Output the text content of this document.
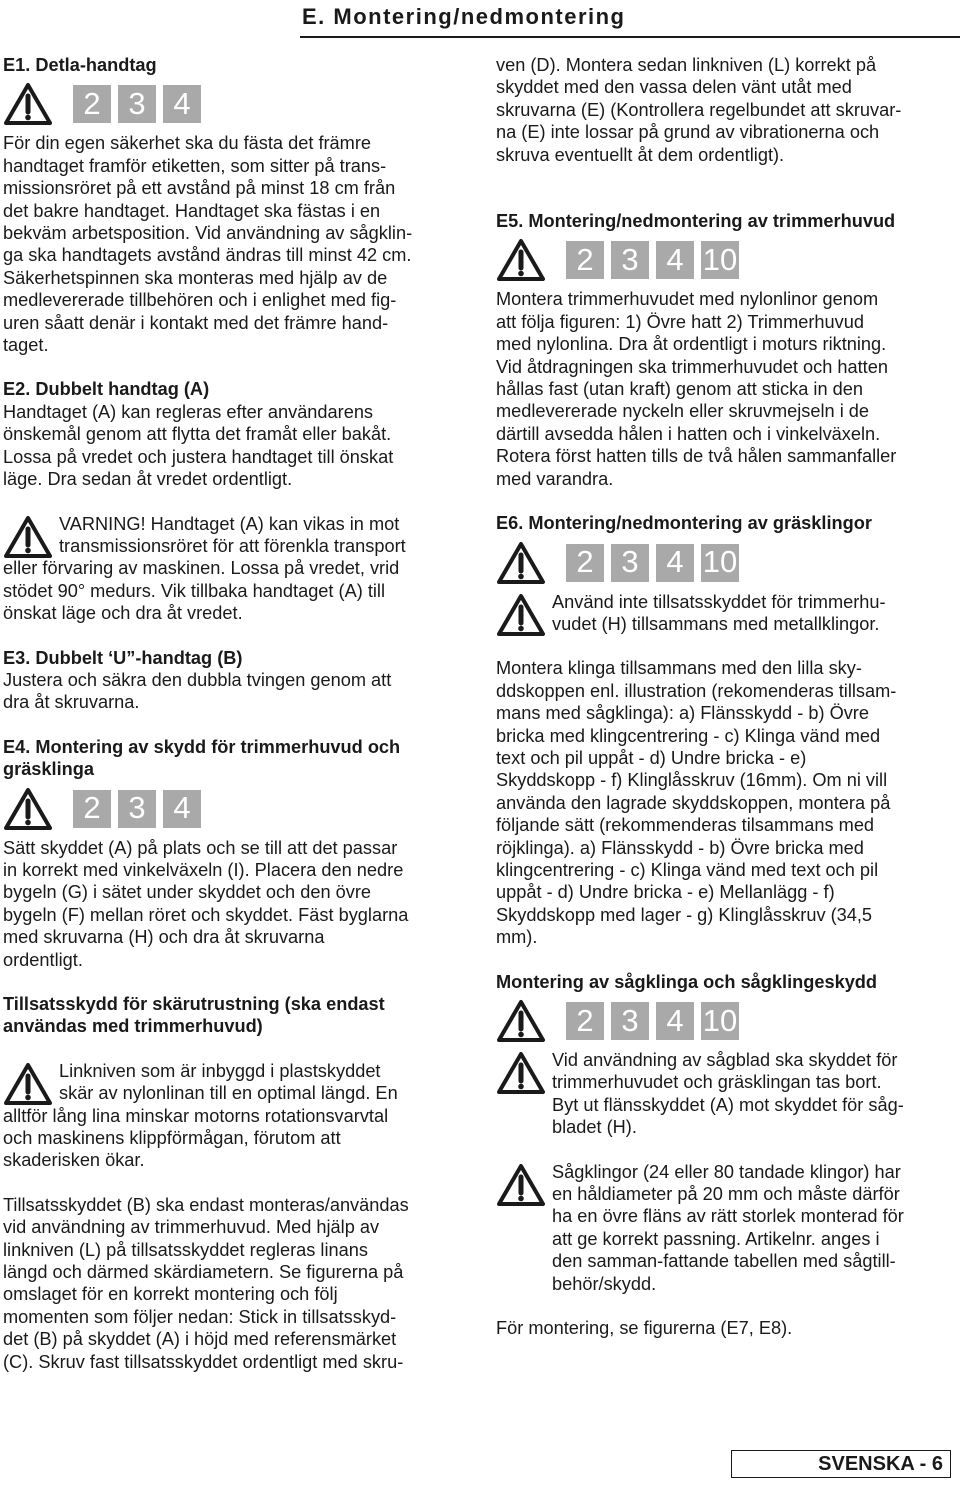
E. Montering/nedmontering

E1. Detla-handtag

2 3 4

För din egen säkerhet ska du fästa det främre

handtaget framför etiketten, som sitter på trans-

missionsröret på ett avstånd på minst 18 cm från

det bakre handtaget. Handtaget ska fästas i en

bekväm arbetsposition. Vid användning av sågklin-

ga ska handtagets avstånd ändras till minst 42 cm.

Säkerhetspinnen ska monteras med hjälp av de

medlevererade tillbehören och i enlighet med fig-

uren såatt denär i kontakt med det främre hand-

taget.

E2. Dubbelt handtag (A)

Handtaget (A) kan regleras efter användarens

önskemål genom att flytta det framåt eller bakåt.

Lossa på vredet och justera handtaget till önskat

läge. Dra sedan åt vredet ordentligt.

VARNING! Handtaget (A) kan vikas in mot

transmissionsröret för att förenkla transport

eller förvaring av maskinen. Lossa på vredet, vrid

stödet 90° medurs. Vik tillbaka handtaget (A) till

önskat läge och dra åt vredet.

E3. Dubbelt ‘U”-handtag (B)

Justera och säkra den dubbla tvingen genom att

dra åt skruvarna.

E4. Montering av skydd för trimmerhuvud och

gräsklinga

2 3 4

Sätt skyddet (A) på plats och se till att det passar

in korrekt med vinkelväxeln (I). Placera den nedre

bygeln (G) i sätet under skyddet och den övre

bygeln (F) mellan röret och skyddet. Fäst byglarna

med skruvarna (H) och dra åt skruvarna

ordentligt.

Tillsatsskydd för skärutrustning (ska endast

användas med trimmerhuvud)

Linkniven som är inbyggd i plastskyddet

skär av nylonlinan till en optimal längd. En

alltför lång lina minskar motorns rotationsvarvtal

och maskinens klippförmågan, förutom att

skaderisken ökar.

Tillsatsskyddet (B) ska endast monteras/användas

vid användning av trimmerhuvud. Med hjälp av

linkniven (L) på tillsatsskyddet regleras linans

längd och därmed skärdiametern. Se figurerna på

omslaget för en korrekt montering och följ

momenten som följer nedan: Stick in tillsatsskyd-

det (B) på skyddet (A) i höjd med referensmärket

(C). Skruv fast tillsatsskyddet ordentligt med skru-

ven (D). Montera sedan linkniven (L) korrekt på

skyddet med den vassa delen vänt utåt med

skruvarna (E) (Kontrollera regelbundet att skruvar-

na (E) inte lossar på grund av vibrationerna och

skruva eventuellt åt dem ordentligt).

E5. Montering/nedmontering av trimmerhuvud

2 3 4 10

Montera trimmerhuvudet med nylonlinor genom

att följa figuren: 1) Övre hatt 2) Trimmerhuvud

med nylonlina. Dra åt ordentligt i moturs riktning.

Vid åtdragningen ska trimmerhuvudet och hatten

hållas fast (utan kraft) genom att sticka in den

medlevererade nyckeln eller skruvmejseln i de

därtill avsedda hålen i hatten och i vinkelväxeln.

Rotera först hatten tills de två hålen sammanfaller

med varandra.

E6. Montering/nedmontering av gräsklingor

2 3 4 10

Använd inte tillsatsskyddet för trimmerhu-

vudet (H) tillsammans med metallklingor.

Montera klinga tillsammans med den lilla sky-

ddskoppen enl. illustration (rekomenderas tillsam-

mans med sågklinga): a) Flänsskydd - b) Övre

bricka med klingcentrering - c) Klinga vänd med

text och pil uppåt - d) Undre bricka - e)

Skyddskopp - f) Klinglåsskruv (16mm). Om ni vill

använda den lagrade skyddskoppen, montera på

följande sätt (rekommenderas tilsammans med

röjklinga). a) Flänsskydd - b) Övre bricka med

klingcentrering - c) Klinga vänd med text och pil

uppåt - d) Undre bricka - e) Mellanlägg - f)

Skyddskopp med lager - g) Klinglåsskruv (34,5

mm).

Montering av sågklinga och sågklingeskydd

2 3 4 10

Vid användning av sågblad ska skyddet för

trimmerhuvudet och gräsklingan tas bort.

Byt ut flänsskyddet (A) mot skyddet för såg-

bladet (H).

Sågklingor (24 eller 80 tandade klingor) har

en håldiameter på 20 mm och måste därför

ha en övre fläns av rätt storlek monterad för

att ge korrekt passning. Artikelnr. anges i

den samman-fattande tabellen med sågtill-

behör/skydd.

För montering, se figurerna (E7, E8).

SVENSKA - 6
